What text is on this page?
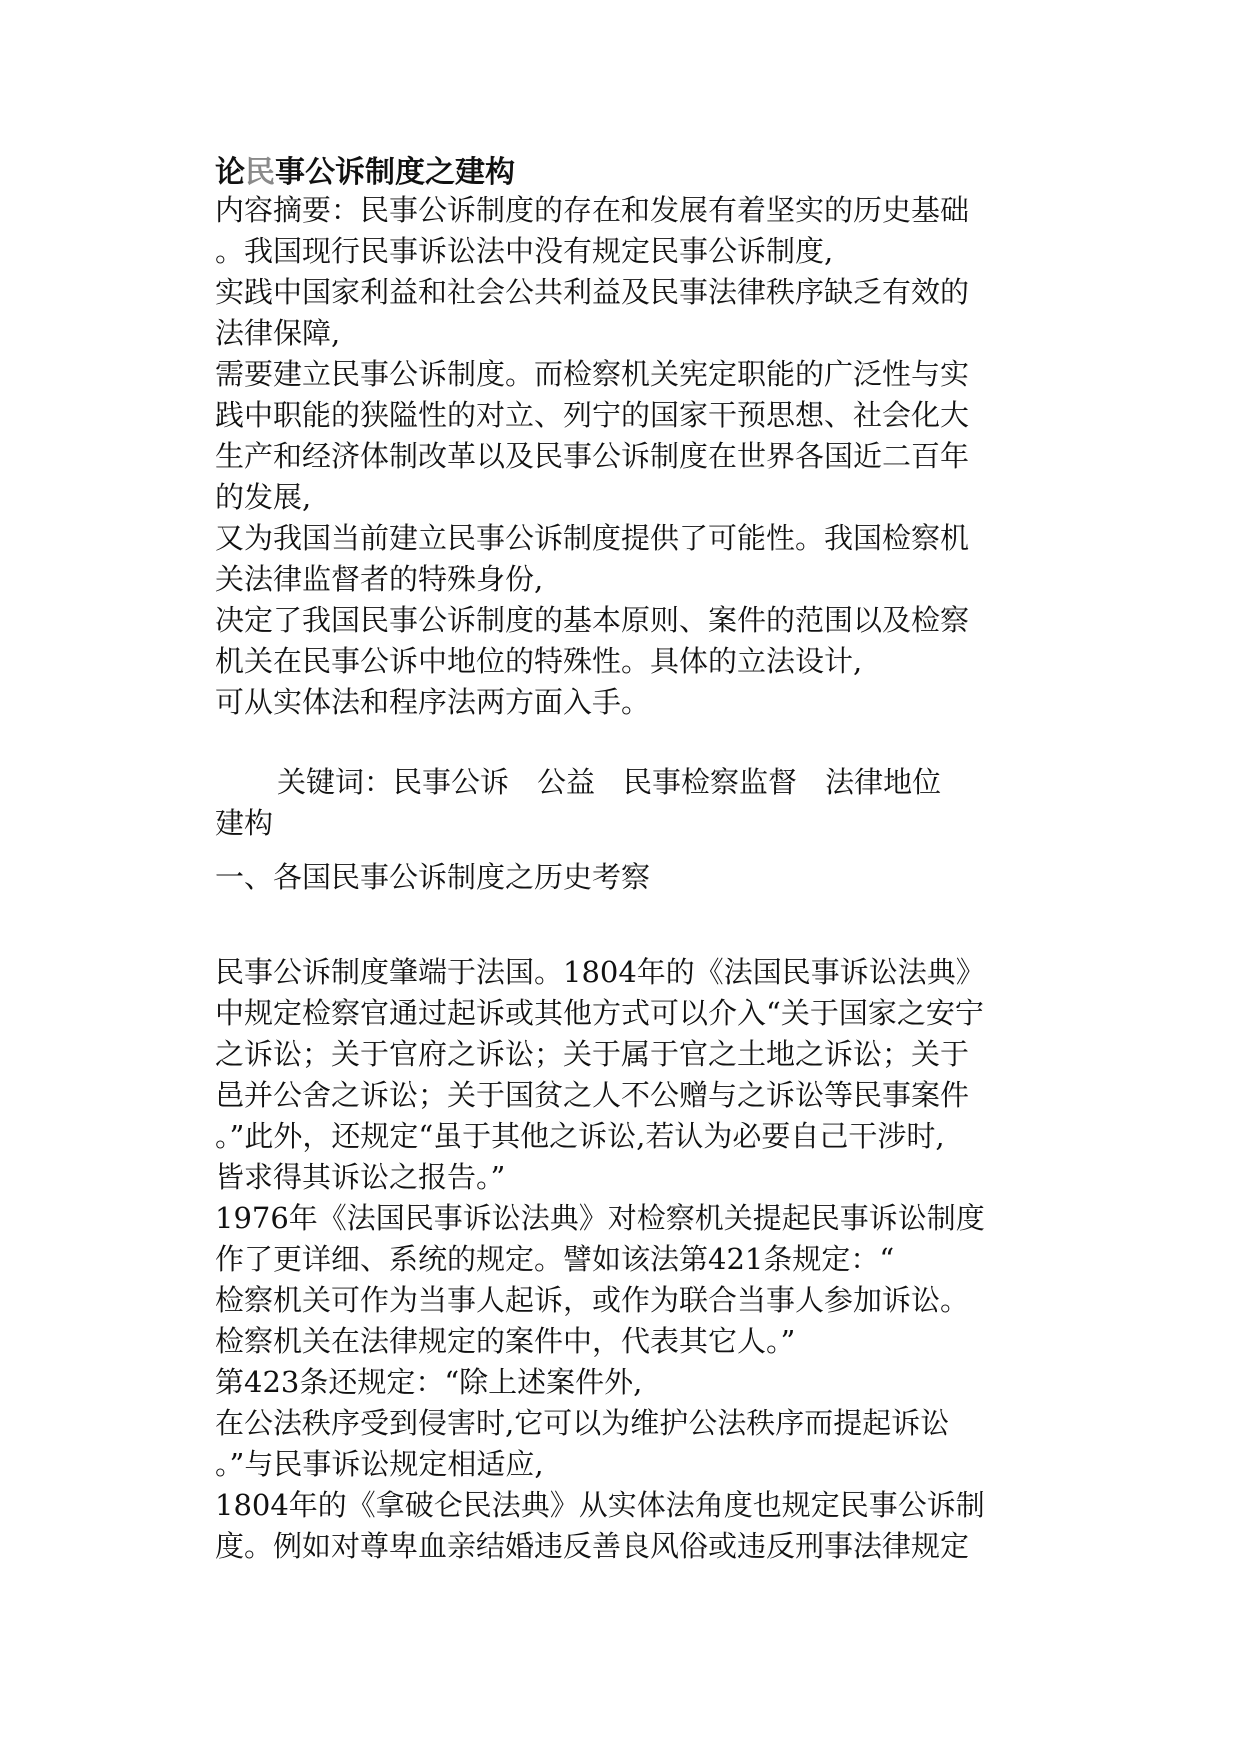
论民事公诉制度之建构
内容摘要：民事公诉制度的存在和发展有着坚实的历史基础
。我国现行民事诉讼法中没有规定民事公诉制度,
实践中国家利益和社会公共利益及民事法律秩序缺乏有效的
法律保障,
需要建立民事公诉制度。而检察机关宪定职能的广泛性与实
践中职能的狭隘性的对立、列宁的国家干预思想、社会化大
生产和经济体制改革以及民事公诉制度在世界各国近二百年
的发展,
又为我国当前建立民事公诉制度提供了可能性。我国检察机
关法律监督者的特殊身份,
决定了我国民事公诉制度的基本原则、案件的范围以及检察
机关在民事公诉中地位的特殊性。具体的立法设计,
可从实体法和程序法两方面入手。
关键词：民事公诉 公益 民事检察监督 法律地位
建构
一、各国民事公诉制度之历史考察
民事公诉制度肇端于法国。1804年的《法国民事诉讼法典》
中规定检察官通过起诉或其他方式可以介入“关于国家之安宁
之诉讼；关于官府之诉讼；关于属于官之土地之诉讼；关于
邑并公舍之诉讼；关于国贫之人不公赠与之诉讼等民事案件
。”此外，还规定“虽于其他之诉讼,若认为必要自己干涉时,
皆求得其诉讼之报告。”
1976年《法国民事诉讼法典》对检察机关提起民事诉讼制度
作了更详细、系统的规定。譬如该法第421条规定：“
检察机关可作为当事人起诉，或作为联合当事人参加诉讼。
检察机关在法律规定的案件中，代表其它人。”
第423条还规定：“除上述案件外,
在公法秩序受到侵害时,它可以为维护公法秩序而提起诉讼
。”与民事诉讼规定相适应,
1804年的《拿破仑民法典》从实体法角度也规定民事公诉制
度。例如对尊卑血亲结婚违反善良风俗或违反刑事法律规定
